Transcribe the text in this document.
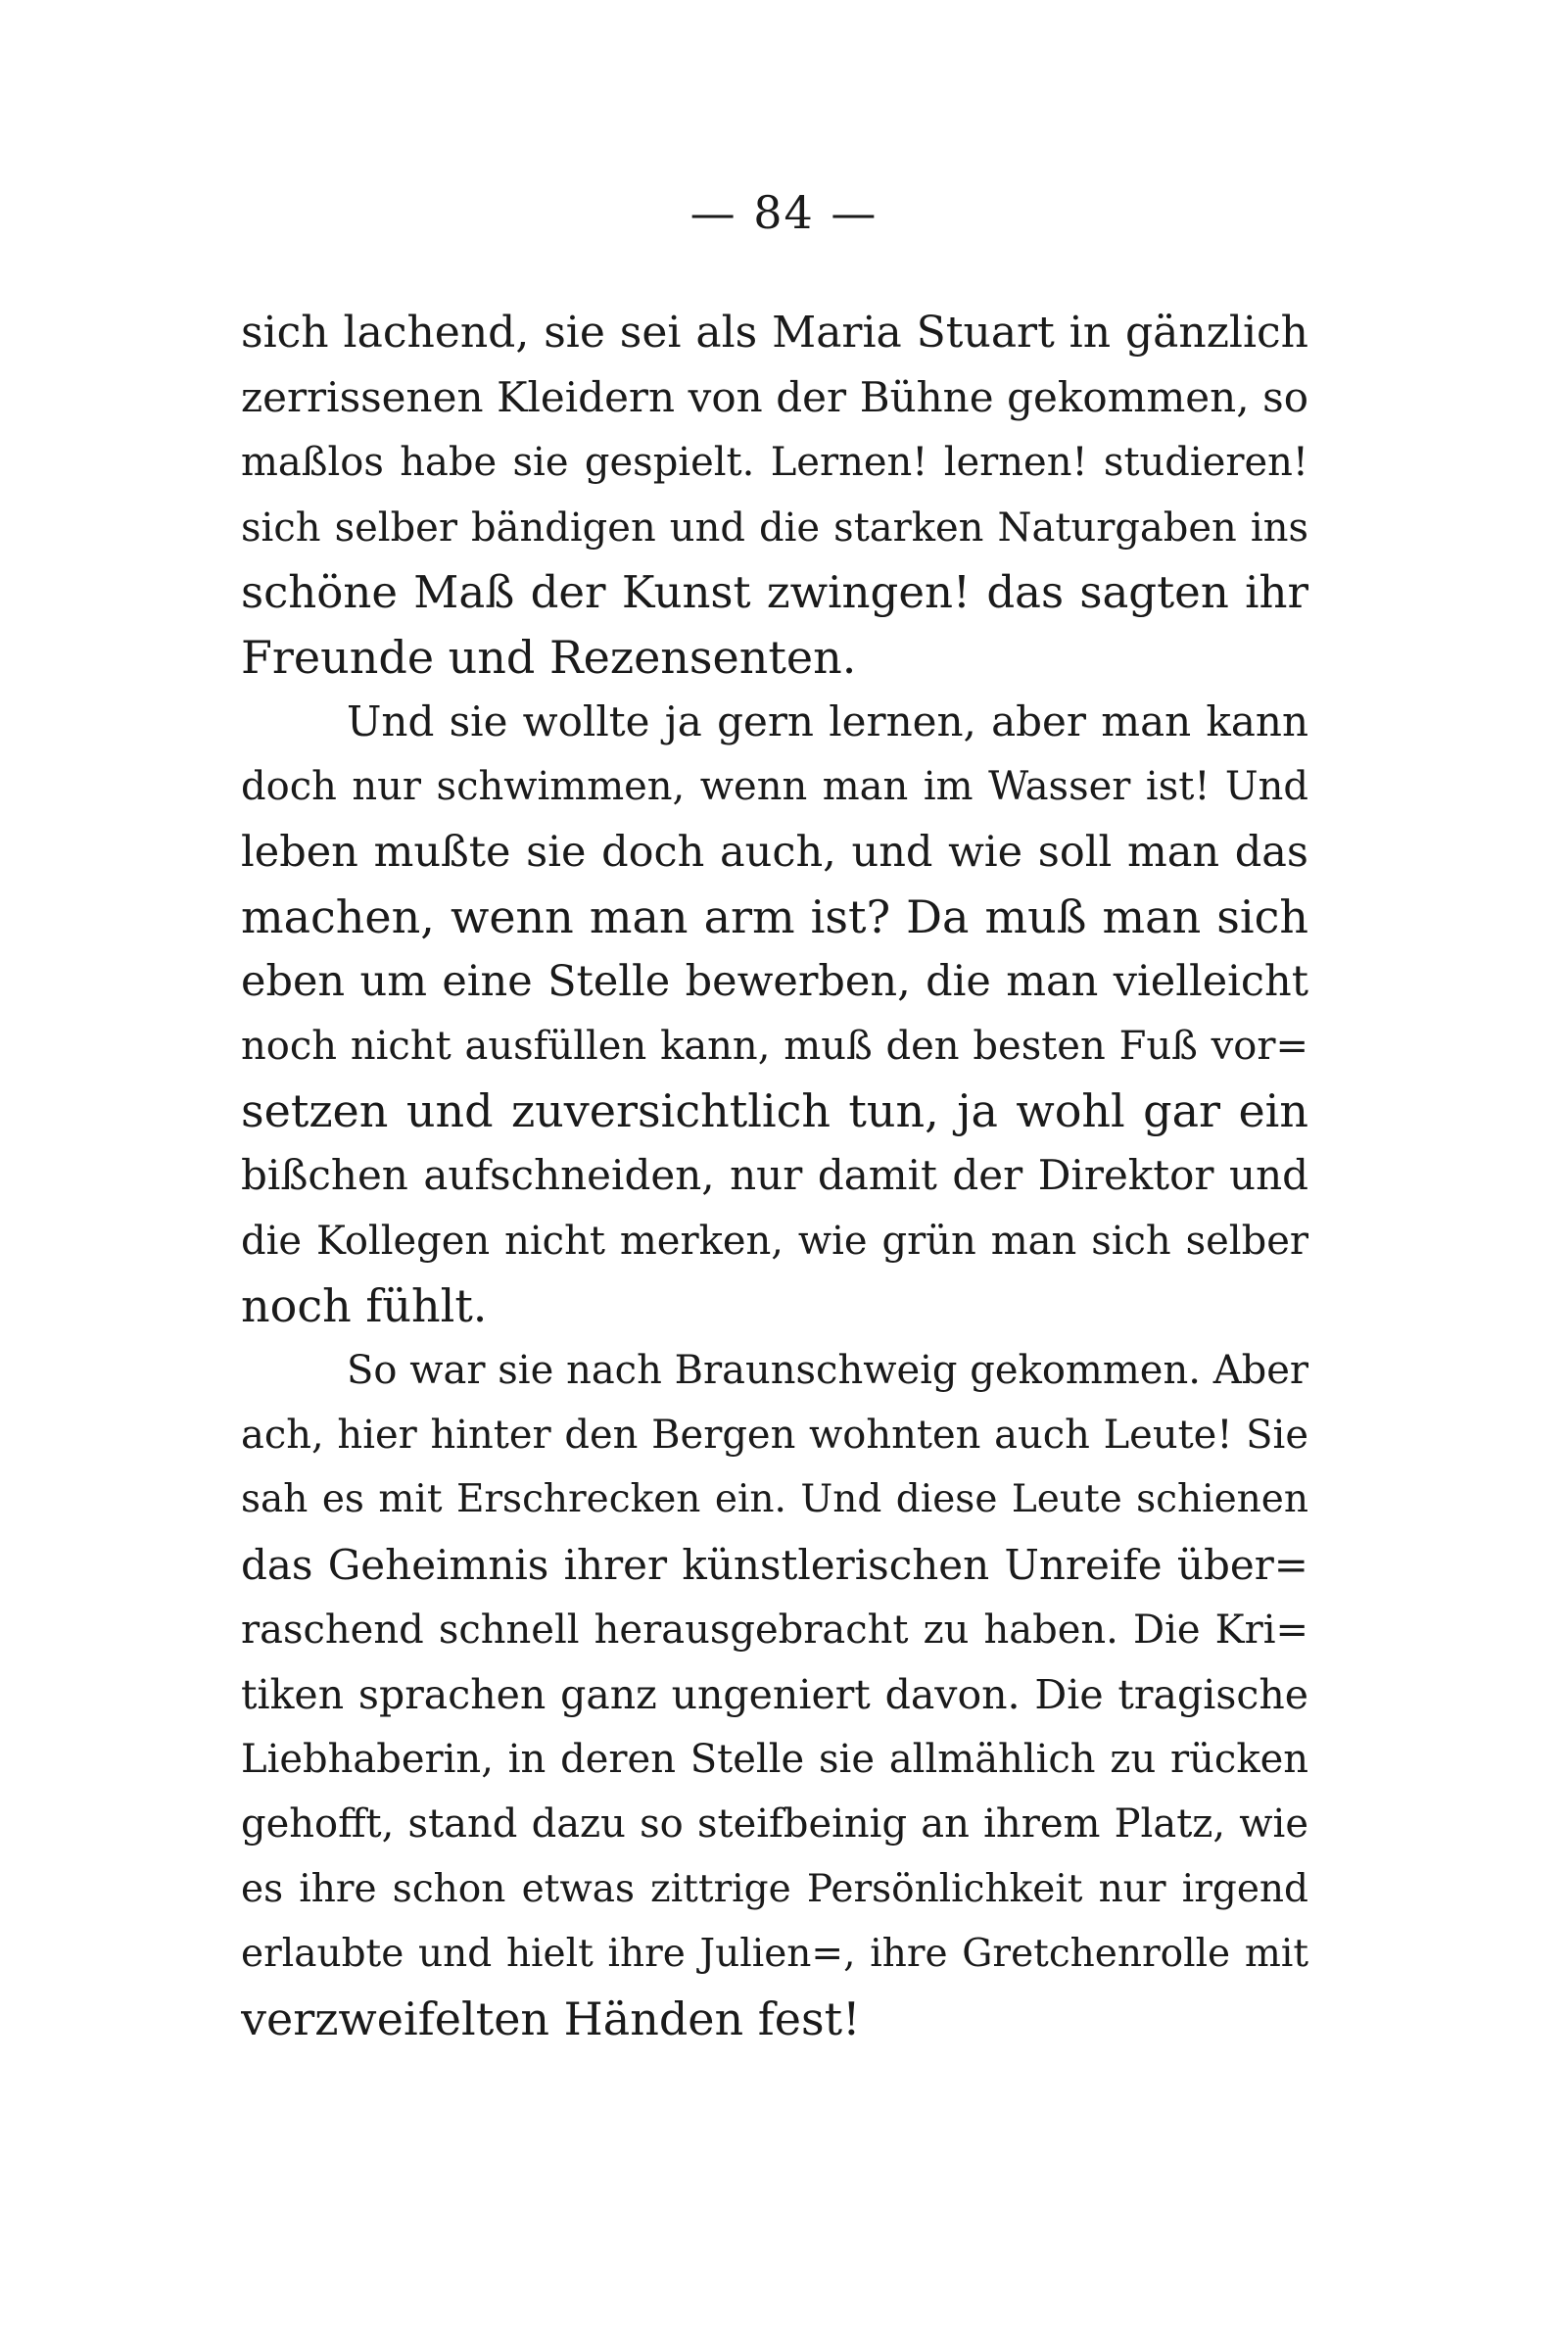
— 84 —
sich lachend, sie sei als Maria Stuart in gänzlich
zerrissenen Kleidern von der Bühne gekommen, so
maßlos habe sie gespielt. Lernen! lernen! studieren!
sich selber bändigen und die starken Naturgaben ins
schöne Maß der Kunst zwingen! das sagten ihr
Freunde und Rezensenten.
Und sie wollte ja gern lernen, aber man kann
doch nur schwimmen, wenn man im Wasser ist! Und
leben mußte sie doch auch, und wie soll man das
machen, wenn man arm ist? Da muß man sich
eben um eine Stelle bewerben, die man vielleicht
noch nicht ausfüllen kann, muß den besten Fuß vor=
setzen und zuversichtlich tun, ja wohl gar ein
bißchen aufschneiden, nur damit der Direktor und
die Kollegen nicht merken, wie grün man sich selber
noch fühlt.
So war sie nach Braunschweig gekommen. Aber
ach, hier hinter den Bergen wohnten auch Leute! Sie
sah es mit Erschrecken ein. Und diese Leute schienen
das Geheimnis ihrer künstlerischen Unreife über=
raschend schnell herausgebracht zu haben. Die Kri=
tiken sprachen ganz ungeniert davon. Die tragische
Liebhaberin, in deren Stelle sie allmählich zu rücken
gehofft, stand dazu so steifbeinig an ihrem Platz, wie
es ihre schon etwas zittrige Persönlichkeit nur irgend
erlaubte und hielt ihre Julien=, ihre Gretchenrolle mit
verzweifelten Händen fest!
